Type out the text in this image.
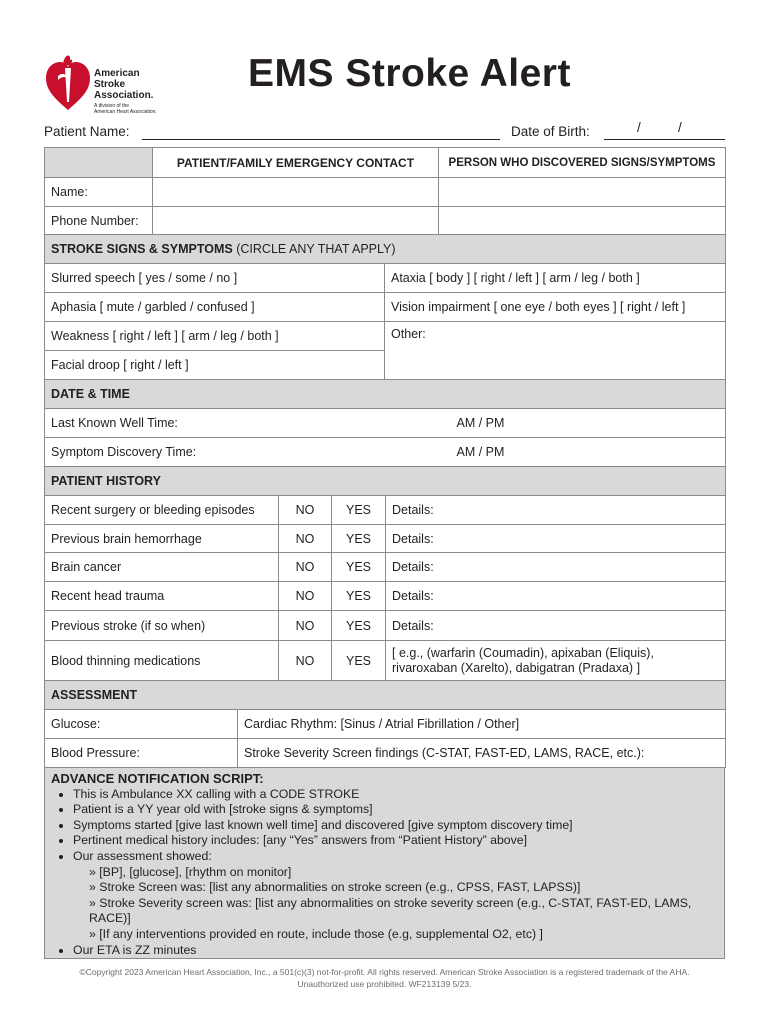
American
Stroke
Association.
A division of the
American Heart Association.
EMS Stroke Alert
Patient Name:	Date of Birth:	/	/
	PATIENT/FAMILY EMERGENCY CONTACT	PERSON WHO DISCOVERED SIGNS/SYMPTOMS
Name:		
Phone Number:		
STROKE SIGNS & SYMPTOMS (CIRCLE ANY THAT APPLY)	
Slurred speech [ yes / some / no ]	Ataxia [ body ] [ right / left ] [ arm / leg / both ]
Aphasia [ mute / garbled / confused ]	Vision impairment [ one eye / both eyes ] [ right / left ]
Weakness [ right / left ] [ arm / leg / both ]	Other:
Facial droop [ right / left ]	
DATE & TIME	
Last Known Well Time:	AM / PM
Symptom Discovery Time:	AM / PM
PATIENT HISTORY			
Recent surgery or bleeding episodes	NO	YES	Details:
Previous brain hemorrhage	NO	YES	Details:
Brain cancer	NO	YES	Details:
Recent head trauma	NO	YES	Details:
Previous stroke (if so when)	NO	YES	Details:
Blood thinning medications	NO	YES	[ e.g., (warfarin (Coumadin), apixaban (Eliquis),
rivaroxaban (Xarelto), dabigatran (Pradaxa) ]
ASSESSMENT	
Glucose:	Cardiac Rhythm: [Sinus / Atrial Fibrillation / Other]
Blood Pressure:	Stroke Severity Screen findings (C-STAT, FAST-ED, LAMS, RACE, etc.):
ADVANCE NOTIFICATION SCRIPT:
• This is Ambulance XX calling with a CODE STROKE
• Patient is a YY year old with [stroke signs & symptoms]
• Symptoms started [give last known well time] and discovered [give symptom discovery time]
• Pertinent medical history includes: [any “Yes” answers from “Patient History” above]
• Our assessment showed:
» [BP], [glucose], [rhythm on monitor]
» Stroke Screen was: [list any abnormalities on stroke screen (e.g., CPSS, FAST, LAPSS)]
» Stroke Severity screen was: [list any abnormalities on stroke severity screen (e.g., C-STAT, FAST-ED, LAMS, RACE)]
» [If any interventions provided en route, include those (e.g, supplemental O2, etc) ]
• Our ETA is ZZ minutes
©Copyright 2023 American Heart Association, Inc., a 501(c)(3) not-for-profit. All rights reserved. American Stroke Association is a registered trademark of the AHA.
Unauthorized use prohibited. WF213139 5/23.
